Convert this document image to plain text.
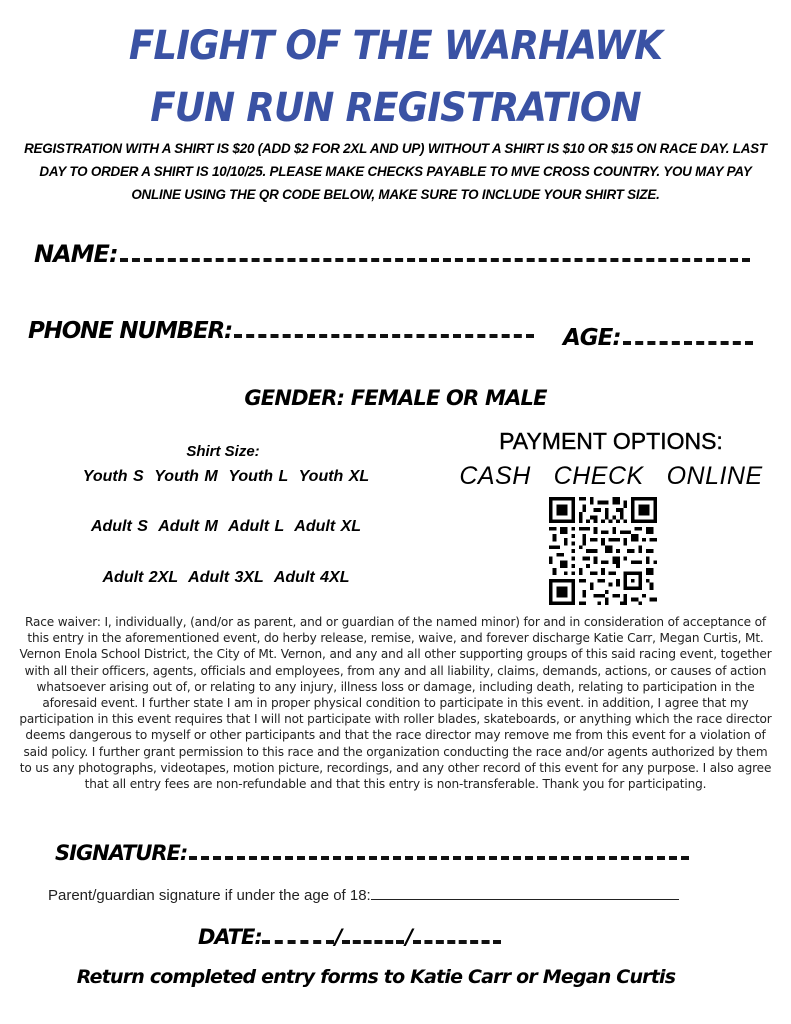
FLIGHT OF THE WARHAWK
FUN RUN REGISTRATION
REGISTRATION WITH A SHIRT IS $20 (ADD $2 FOR 2XL AND UP) WITHOUT A SHIRT IS $10 OR $15 ON RACE DAY. LAST DAY TO ORDER A SHIRT IS 10/10/25. PLEASE MAKE CHECKS PAYABLE TO MVE CROSS COUNTRY. YOU MAY PAY ONLINE USING THE QR CODE BELOW, MAKE SURE TO INCLUDE YOUR SHIRT SIZE.
NAME:
PHONE NUMBER:	AGE:
GENDER: FEMALE OR MALE
Shirt Size:
Youth S  Youth M  Youth L  Youth XL
Adult S  Adult M  Adult L  Adult XL
Adult 2XL  Adult 3XL  Adult 4XL
PAYMENT OPTIONS:
CASH  CHECK  ONLINE
Race waiver: I, individually, (and/or as parent, and or guardian of the named minor) for and in consideration of acceptance of this entry in the aforementioned event, do herby release, remise, waive, and forever discharge Katie Carr, Megan Curtis, Mt. Vernon Enola School District, the City of Mt. Vernon, and any and all other supporting groups of this said racing event, together with all their officers, agents, officials and employees, from any and all liability, claims, demands, actions, or causes of action whatsoever arising out of, or relating to any injury, illness loss or damage, including death, relating to participation in the aforesaid event. I further state I am in proper physical condition to participate in this event. in addition, I agree that my participation in this event requires that I will not participate with roller blades, skateboards, or anything which the race director deems dangerous to myself or other participants and that the race director may remove me from this event for a violation of said policy. I further grant permission to this race and the organization conducting the race and/or agents authorized by them to us any photographs, videotapes, motion picture, recordings, and any other record of this event for any purpose. I also agree that all entry fees are non-refundable and that this entry is non-transferable. Thank you for participating.
SIGNATURE:
Parent/guardian signature if under the age of 18:
DATE:	/	/
Return completed entry forms to Katie Carr or Megan Curtis
